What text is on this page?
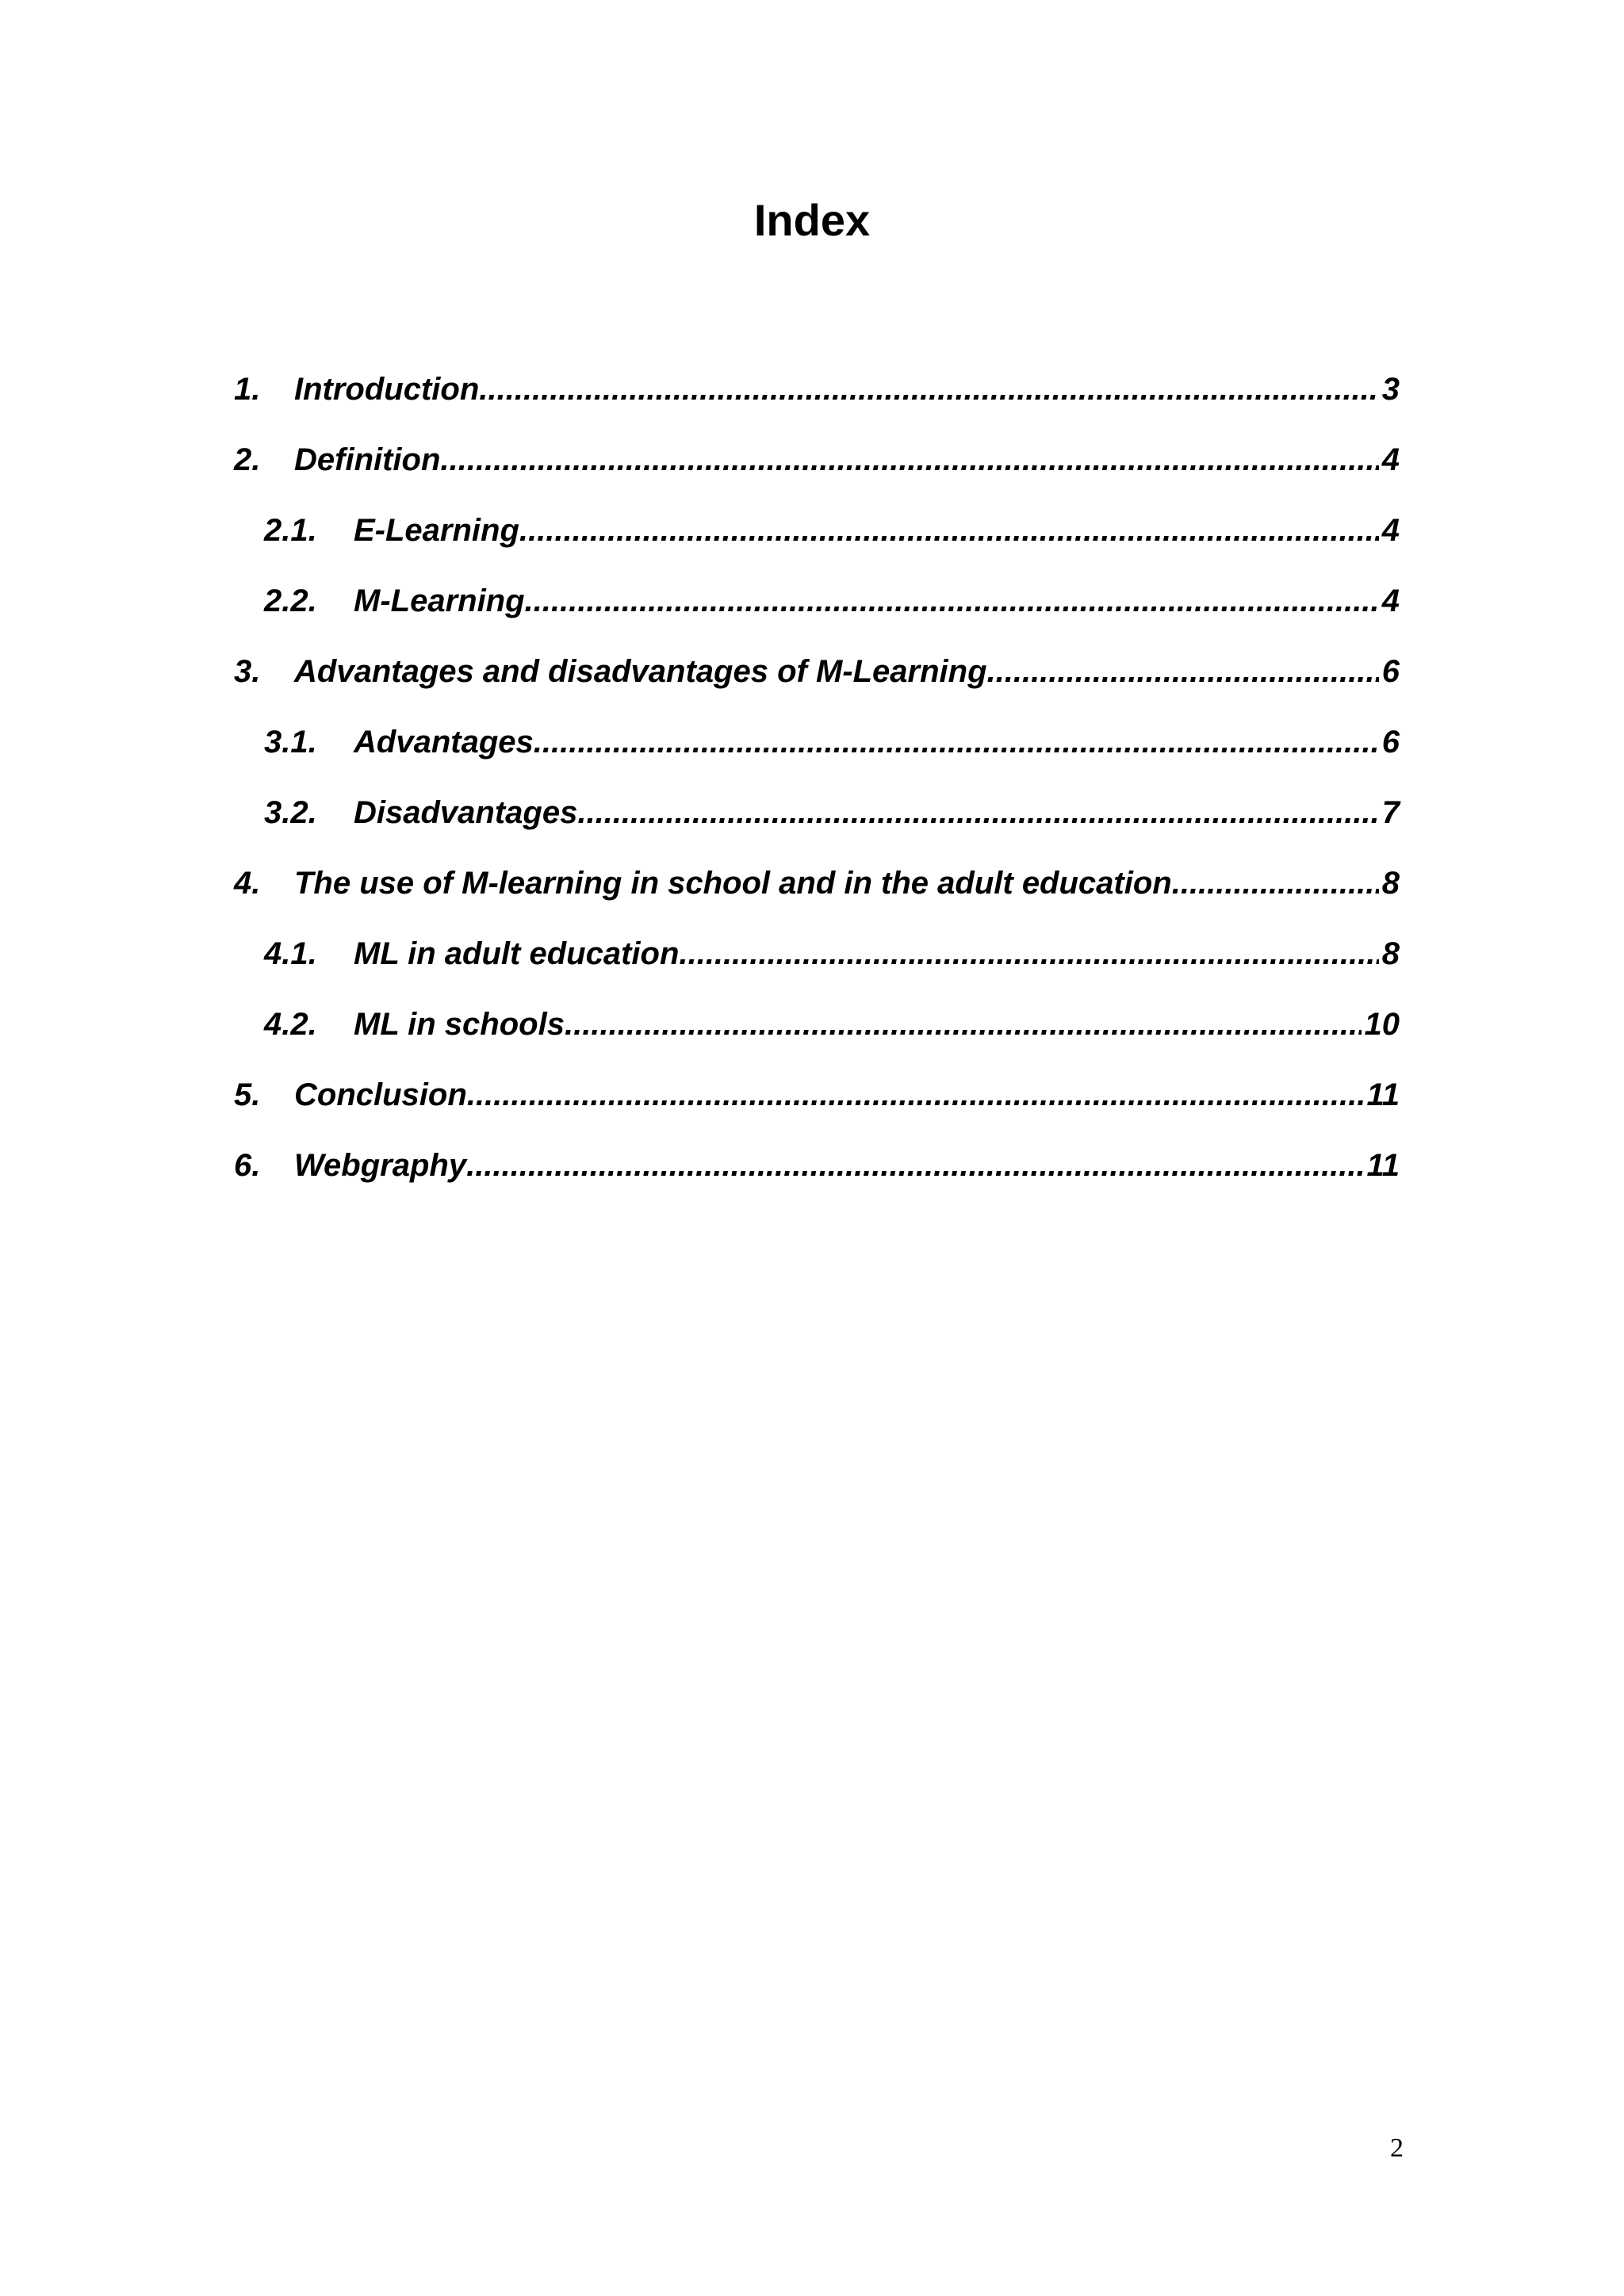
Index
1.	Introduction .....	3
2.	Definition .....	4
2.1.	E-Learning .....	4
2.2.	M-Learning .....	4
3.	Advantages and disadvantages of M-Learning .....	6
3.1.	Advantages .....	6
3.2.	Disadvantages .....	7
4.	The use of M-learning in school and in the adult education .....	8
4.1.	ML in adult education .....	8
4.2.	ML in schools. .....	10
5.	Conclusion .....	11
6.	Webgraphy .....	11
2
